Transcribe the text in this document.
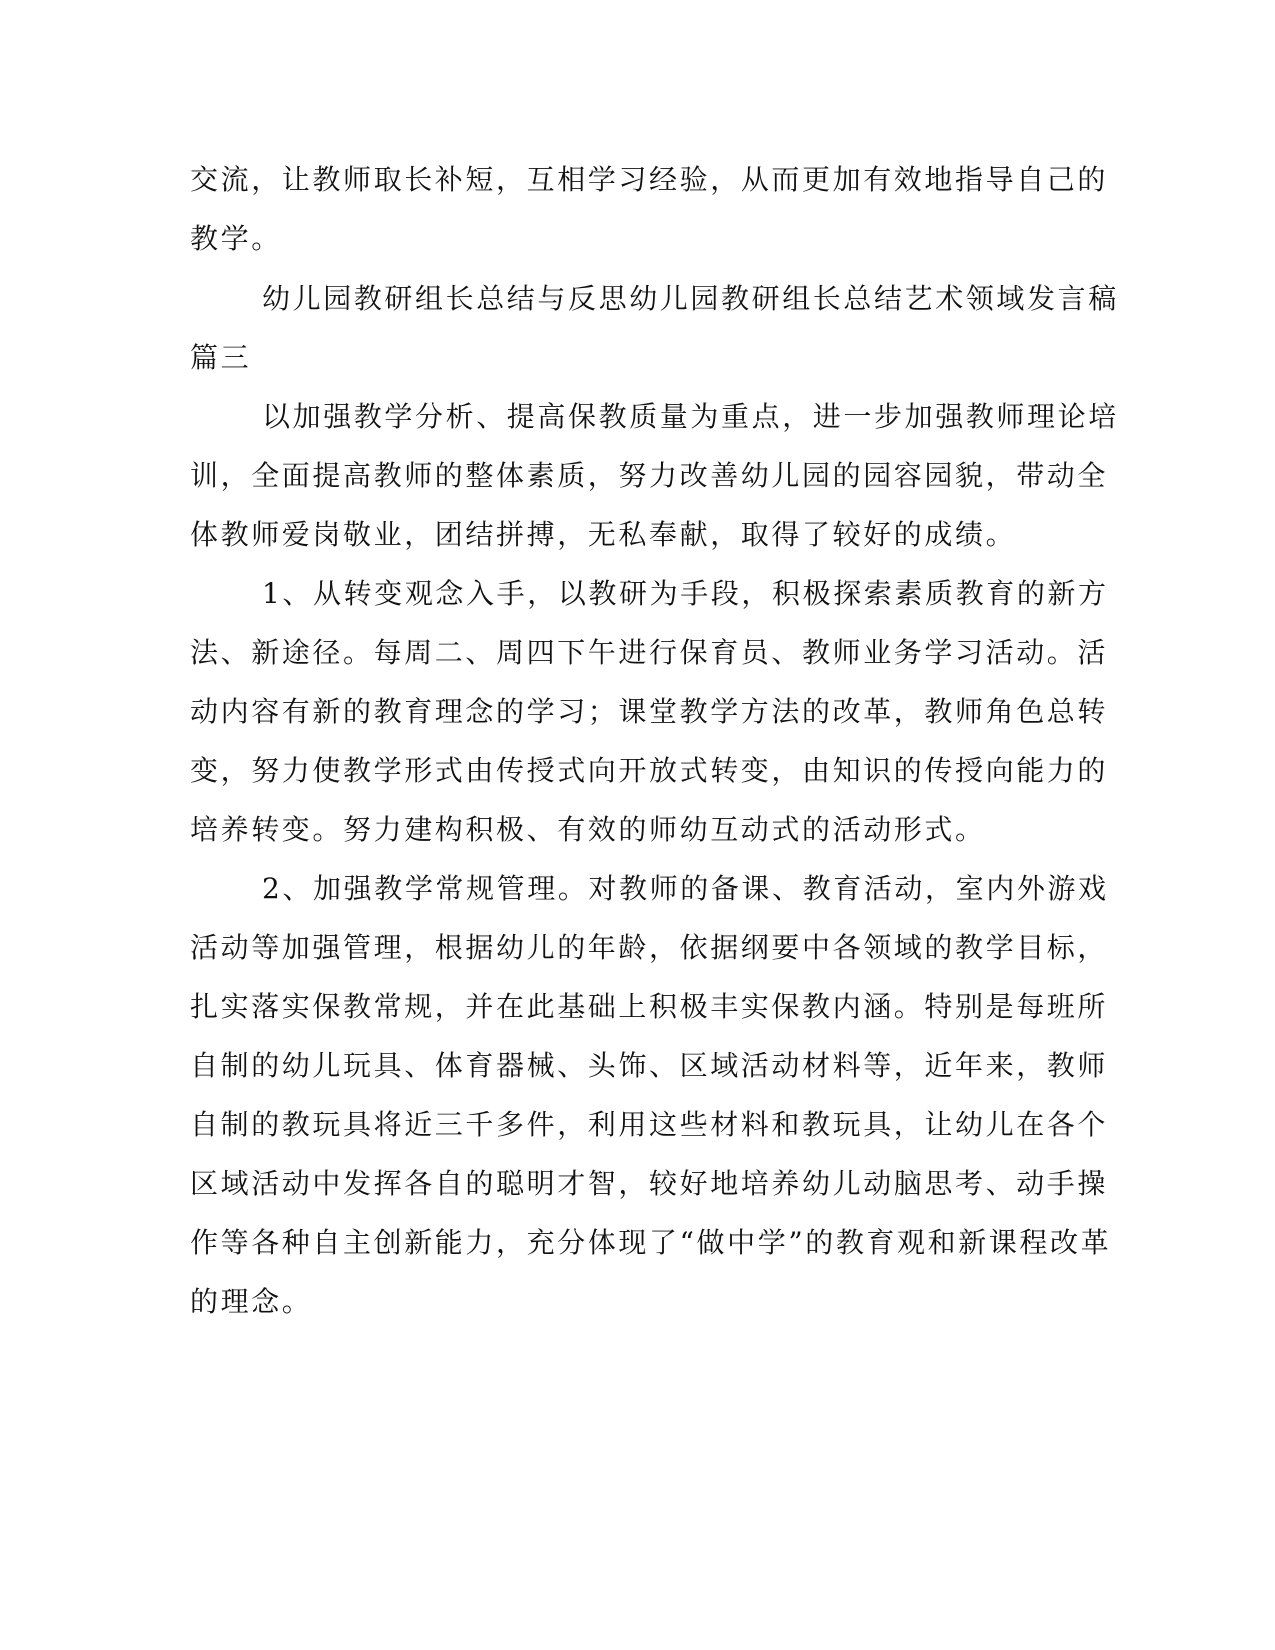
交流，让教师取长补短，互相学习经验，从而更加有效地指导自己的
教学。
幼儿园教研组长总结与反思幼儿园教研组长总结艺术领域发言稿
篇三
以加强教学分析、提高保教质量为重点，进一步加强教师理论培
训，全面提高教师的整体素质，努力改善幼儿园的园容园貌，带动全
体教师爱岗敬业，团结拼搏，无私奉献，取得了较好的成绩。
1、从转变观念入手，以教研为手段，积极探索素质教育的新方
法、新途径。每周二、周四下午进行保育员、教师业务学习活动。活
动内容有新的教育理念的学习；课堂教学方法的改革，教师角色总转
变，努力使教学形式由传授式向开放式转变，由知识的传授向能力的
培养转变。努力建构积极、有效的师幼互动式的活动形式。
2、加强教学常规管理。对教师的备课、教育活动，室内外游戏
活动等加强管理，根据幼儿的年龄，依据纲要中各领域的教学目标，
扎实落实保教常规，并在此基础上积极丰实保教内涵。特别是每班所
自制的幼儿玩具、体育器械、头饰、区域活动材料等，近年来，教师
自制的教玩具将近三千多件，利用这些材料和教玩具，让幼儿在各个
区域活动中发挥各自的聪明才智，较好地培养幼儿动脑思考、动手操
作等各种自主创新能力，充分体现了“做中学”的教育观和新课程改革
的理念。
